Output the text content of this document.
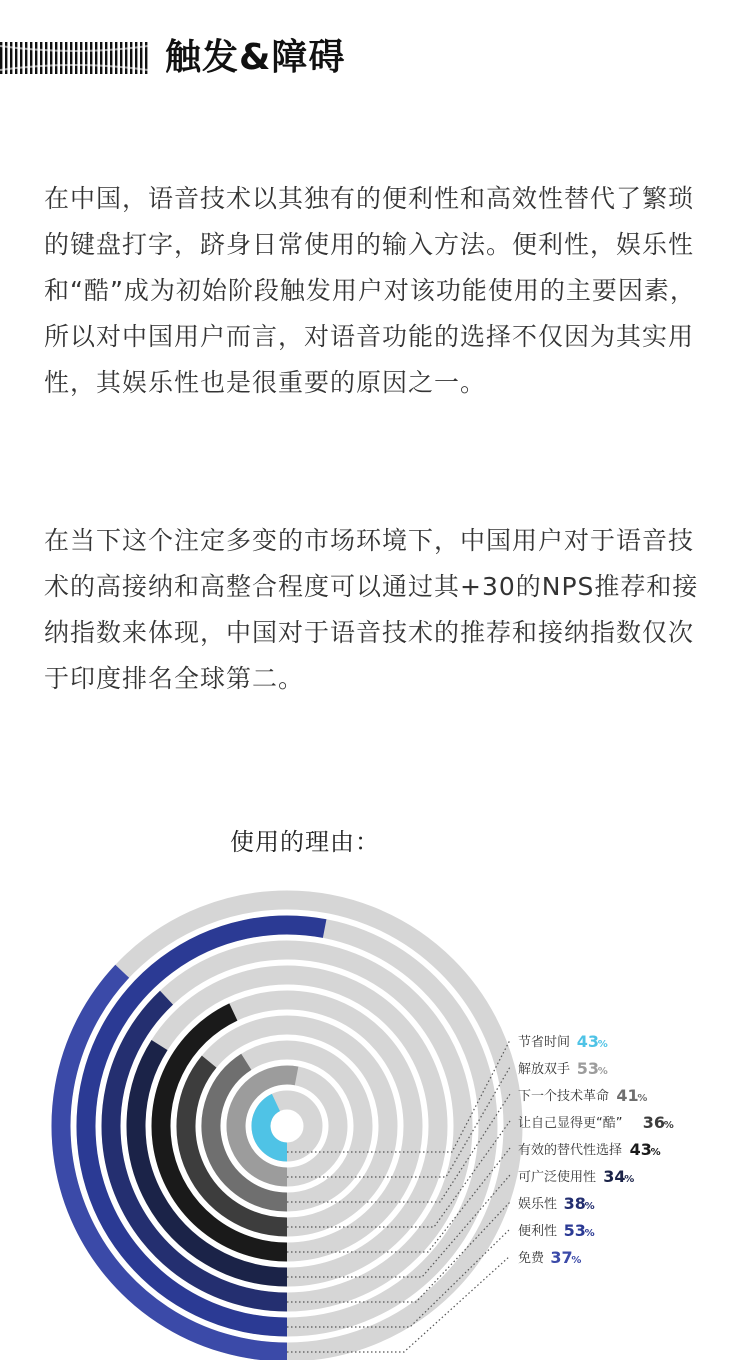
触发&障碍

在中国，语音技术以其独有的便利性和高效性替代了繁琐的键盘打字，跻身日常使用的输入方法。便利性，娱乐性和“酷”成为初始阶段触发用户对该功能使用的主要因素，所以对中国用户而言，对语音功能的选择不仅因为其实用性，其娱乐性也是很重要的原因之一。

在当下这个注定多变的市场环境下，中国用户对于语音技术的高接纳和高整合程度可以通过其+30的NPS推荐和接纳指数来体现，中国对于语音技术的推荐和接纳指数仅次于印度排名全球第二。

使用的理由：
节省时间 43
%
解放双手 53
%
下一个技术革命 41
%
让自己显得更“酷” 36
%
有效的替代性选择 43
%
可广泛使用性 34
%
娱乐性 38
%
便利性 53
%
免费 37
%
